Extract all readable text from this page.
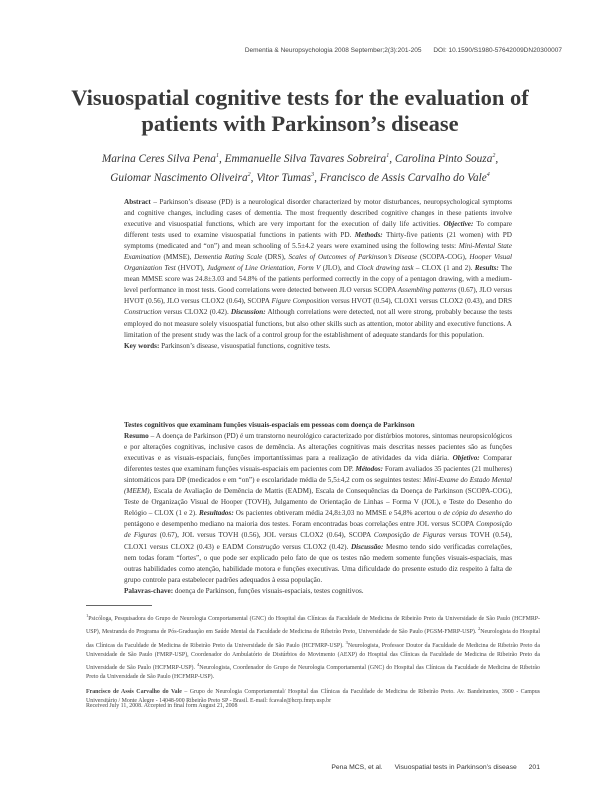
Dementia & Neuropsychologia 2008 September;2(3):201-205 DOI: 10.1590/S1980-57642009DN20300007
Visuospatial cognitive tests for the evaluation of patients with Parkinson’s disease
Marina Ceres Silva Pena$^1$, Emmanuelle Silva Tavares Sobreira$^1$, Carolina Pinto Souza$^2$,
Guiomar Nascimento Oliveira$^2$, Vitor Tumas$^3$, Francisco de Assis Carvalho do Vale$^4$
Abstract – Parkinson’s disease (PD) is a neurological disorder characterized by motor disturbances, neuropsychological symptoms and cognitive changes, including cases of dementia. The most frequently described cognitive changes in these patients involve executive and visuospatial functions, which are very important for the execution of daily life activities. Objective: To compare different tests used to examine visuospatial functions in patients with PD. Methods: Thirty-five patients (21 women) with PD symptoms (medicated and “on”) and mean schooling of 5.5±4.2 years were examined using the following tests: Mini-Mental State Examination (MMSE), Dementia Rating Scale (DRS), Scales of Outcomes of Parkinson’s Disease (SCOPA-COG), Hooper Visual Organization Test (HVOT), Judgment of Line Orientation, Form V (JLO), and Clock drawing task – CLOX (1 and 2). Results: The mean MMSE score was 24.8±3.03 and 54.8% of the patients performed correctly in the copy of a pentagon drawing, with a medium-level performance in most tests. Good correlations were detected between JLO versus SCOPA Assembling patterns (0.67), JLO versus HVOT (0.56), JLO versus CLOX2 (0.64), SCOPA Figure Composition versus HVOT (0.54), CLOX1 versus CLOX2 (0.43), and DRS Construction versus CLOX2 (0.42). Discussion: Although correlations were detected, not all were strong, probably because the tests employed do not measure solely visuospatial functions, but also other skills such as attention, motor ability and executive functions. A limitation of the present study was the lack of a control group for the establishment of adequate standards for this population.
Key words: Parkinson’s disease, visuospatial functions, cognitive tests.
Testes cognitivos que examinam funções visuais-espaciais em pessoas com doença de Parkinson
Resumo – A doença de Parkinson (PD) é um transtorno neurológico caracterizado por distúrbios motores, sintomas neuropsicológicos e por alterações cognitivas, inclusive casos de demência. As alterações cognitivas mais descritas nesses pacientes são as funções executivas e as visuais-espaciais, funções importantíssimas para a realização de atividades da vida diária. Objetivo: Comparar diferentes testes que examinam funções visuais-espaciais em pacientes com DP. Métodos: Foram avaliados 35 pacientes (21 mulheres) sintomáticos para DP (medicados e em “on”) e escolaridade média de 5,5±4,2 com os seguintes testes: Mini-Exame do Estado Mental (MEEM), Escala de Avaliação de Demência de Mattis (EADM), Escala de Consequências da Doença de Parkinson (SCOPA-COG), Teste de Organização Visual de Hooper (TOVH), Julgamento de Orientação de Linhas – Forma V (JOL), e Teste do Desenho do Relógio – CLOX (1 e 2). Resultados: Os pacientes obtiveram média 24,8±3,03 no MMSE e 54,8% acertou o de cópia do desenho do pentágono e desempenho mediano na maioria dos testes. Foram encontradas boas correlações entre JOL versus SCOPA Composição de Figuras (0.67), JOL versus TOVH (0.56), JOL versus CLOX2 (0.64), SCOPA Composição de Figuras versus TOVH (0.54), CLOX1 versus CLOX2 (0.43) e EADM Construção versus CLOX2 (0.42). Discussão: Mesmo tendo sido verificadas correlações, nem todas foram “fortes”, o que pode ser explicado pelo fato de que os testes não medem somente funções visuais-espaciais, mas outras habilidades como atenção, habilidade motora e funções executivas. Uma dificuldade do presente estudo diz respeito à falta de grupo controle para estabelecer padrões adequados à essa população.
Palavras-chave: doença de Parkinson, funções visuais-espaciais, testes cognitivos.
$^1$Psicóloga, Pesquisadora do Grupo de Neurologia Comportamental (GNC) do Hospital das Clínicas da Faculdade de Medicina de Ribeirão Preto da Universidade de São Paulo (HCFMRP-USP), Mestranda do Programa de Pós-Graduação em Saúde Mental da Faculdade de Medicina de Ribeirão Preto, Universidade de São Paulo (PGSM-FMRP-USP). $^2$Neurologista do Hospital das Clínicas da Faculdade de Medicina de Ribeirão Preto da Universidade de São Paulo (HCFMRP-USP). $^3$Neurologista, Professor Doutor da Faculdade de Medicina de Ribeirão Preto da Universidade de São Paulo (FMRP-USP), Coordenador do Ambulatório de Distúrbios do Movimento (AEXP) do Hospital das Clínicas da Faculdade de Medicina de Ribeirão Preto da Universidade de São Paulo (HCFMRP-USP). $^4$Neurologista, Coordenador do Grupo de Neurologia Comportamental (GNC) do Hospital das Clínicas da Faculdade de Medicina de Ribeirão Preto da Universidade de São Paulo (HCFMRP-USP).
Francisco de Assis Carvalho do Vale – Grupo de Neurologia Comportamental/ Hospital das Clínicas da Faculdade de Medicina de Ribeirão Preto. Av. Bandeirantes, 3900 - Campus Universitário / Monte Alegre - 14048-900 Ribeirão Preto SP - Brasil. E-mail: fcavale@hcrp.fmrp.usp.br
Received July 11, 2008. Accepted in final form August 21, 2008
Pena MCS, et al. Visuospatial tests in Parkinson’s disease 201
